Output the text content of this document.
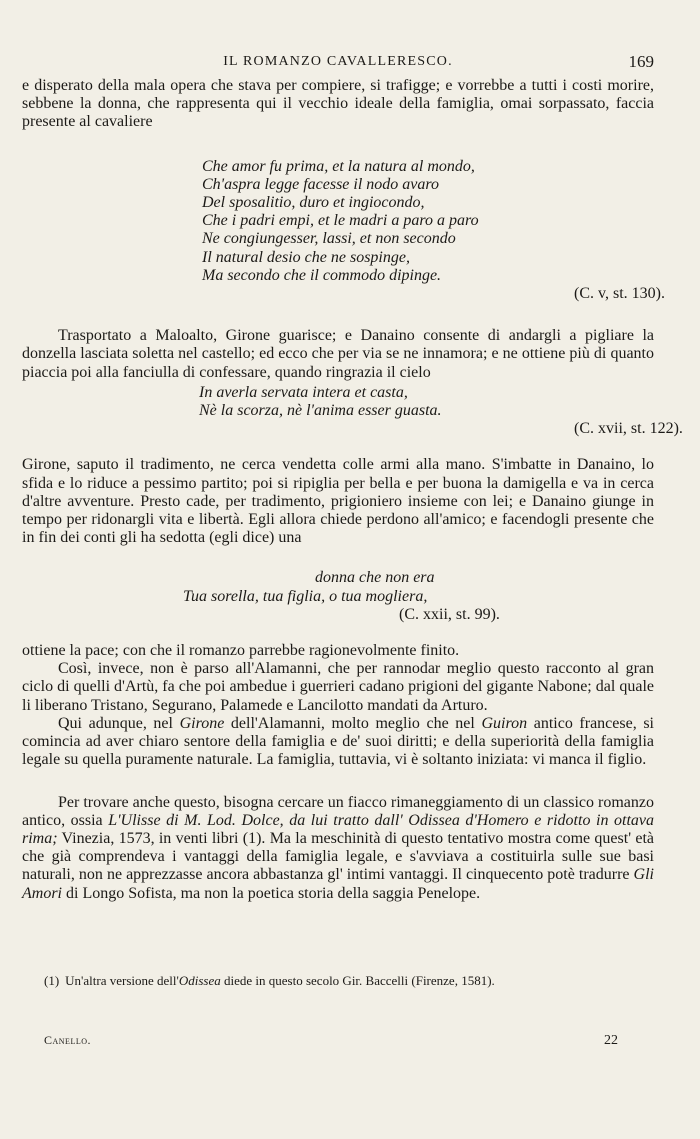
IL ROMANZO CAVALLERESCO.	169

e disperato della mala opera che stava per compiere, si trafigge; e vorrebbe a tutti i costi morire, sebbene la donna, che rappresenta qui il vecchio ideale della famiglia, omai sorpassato, faccia presente al cavaliere

Che amor fu prima, et la natura al mondo,
Ch'aspra legge facesse il nodo avaro
Del sposalitio, duro et ingiocondo,
Che i padri empi, et le madri a paro a paro
Ne congiungesser, lassi, et non secondo
Il natural desio che ne sospinge,
Ma secondo che il commodo dipinge.
(C. v, st. 130).

Trasportato a Maloalto, Girone guarisce; e Danaino consente di andargli a pigliare la donzella lasciata soletta nel castello; ed ecco che per via se ne innamora; e ne ottiene più di quanto piaccia poi alla fanciulla di confessare, quando ringrazia il cielo

In averla servata intera et casta,
Nè la scorza, nè l'anima esser guasta.
(C. xvii, st. 122).

Girone, saputo il tradimento, ne cerca vendetta colle armi alla mano. S'imbatte in Danaino, lo sfida e lo riduce a pessimo partito; poi si ripiglia per bella e per buona la damigella e va in cerca d'altre avventure. Presto cade, per tradimento, prigioniero insieme con lei; e Danaino giunge in tempo per ridonargli vita e libertà. Egli allora chiede perdono all'amico; e facendogli presente che in fin dei conti gli ha sedotta (egli dice) una

donna che non era
Tua sorella, tua figlia, o tua mogliera,
(C. xxii, st. 99).

ottiene la pace; con che il romanzo parrebbe ragionevolmente finito.

Così, invece, non è parso all'Alamanni, che per rannodar meglio questo racconto al gran ciclo di quelli d'Artù, fa che poi ambedue i guerrieri cadano prigioni del gigante Nabone; dal quale li liberano Tristano, Segurano, Palamede e Lancilotto mandati da Arturo.

Qui adunque, nel Girone dell'Alamanni, molto meglio che nel Guiron antico francese, si comincia ad aver chiaro sentore della famiglia e de' suoi diritti; e della superiorità della famiglia legale su quella puramente naturale. La famiglia, tuttavia, vi è soltanto iniziata: vi manca il figlio.

Per trovare anche questo, bisogna cercare un fiacco rimaneggiamento di un classico romanzo antico, ossia L'Ulisse di M. Lod. Dolce, da lui tratto dall' Odissea d'Homero e ridotto in ottava rima; Vinezia, 1573, in venti libri (1). Ma la meschinità di questo tentativo mostra come quest' età che già comprendeva i vantaggi della famiglia legale, e s'avviava a costituirla sulle sue basi naturali, non ne apprezzasse ancora abbastanza gl' intimi vantaggi. Il cinquecento potè tradurre Gli Amori di Longo Sofista, ma non la poetica storia della saggia Penelope.

(1) Un'altra versione dell'Odissea diede in questo secolo Gir. Baccelli (Firenze, 1581).
Canello.	22
